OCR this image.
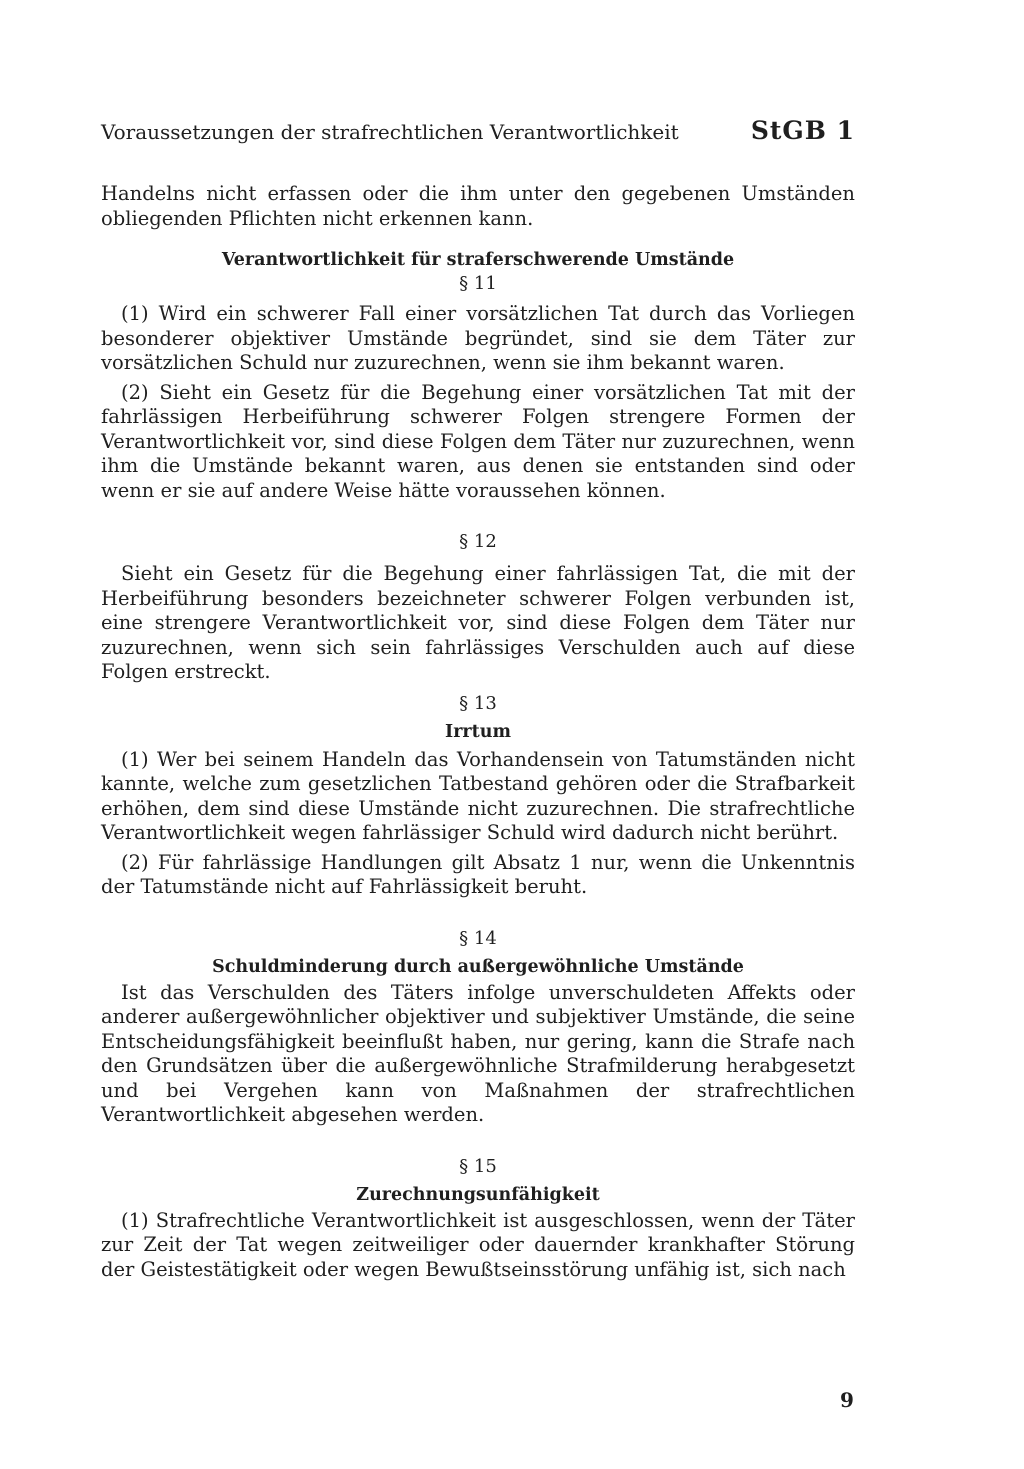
Voraussetzungen der strafrechtlichen Verantwortlichkeit	StGB 1

Handelns nicht erfassen oder die ihm unter den gegebenen Umständen obliegenden Pflichten nicht erkennen kann.

Verantwortlichkeit für straferschwerende Umstände

§ 11

(1) Wird ein schwerer Fall einer vorsätzlichen Tat durch das Vorliegen besonderer objektiver Umstände begründet, sind sie dem Täter zur vorsätzlichen Schuld nur zuzurechnen, wenn sie ihm bekannt waren.

(2) Sieht ein Gesetz für die Begehung einer vorsätzlichen Tat mit der fahrlässigen Herbeiführung schwerer Folgen strengere Formen der Verantwortlichkeit vor, sind diese Folgen dem Täter nur zuzurechnen, wenn ihm die Umstände bekannt waren, aus denen sie entstanden sind oder wenn er sie auf andere Weise hätte voraussehen können.

§ 12

Sieht ein Gesetz für die Begehung einer fahrlässigen Tat, die mit der Herbeiführung besonders bezeichneter schwerer Folgen verbunden ist, eine strengere Verantwortlichkeit vor, sind diese Folgen dem Täter nur zuzurechnen, wenn sich sein fahrlässiges Verschulden auch auf diese Folgen erstreckt.

§ 13

Irrtum

(1) Wer bei seinem Handeln das Vorhandensein von Tatumständen nicht kannte, welche zum gesetzlichen Tatbestand gehören oder die Strafbarkeit erhöhen, dem sind diese Umstände nicht zuzurechnen. Die strafrechtliche Verantwortlichkeit wegen fahrlässiger Schuld wird dadurch nicht berührt.

(2) Für fahrlässige Handlungen gilt Absatz 1 nur, wenn die Unkenntnis der Tatumstände nicht auf Fahrlässigkeit beruht.

§ 14

Schuldminderung durch außergewöhnliche Umstände

Ist das Verschulden des Täters infolge unverschuldeten Affekts oder anderer außergewöhnlicher objektiver und subjektiver Umstände, die seine Entscheidungsfähigkeit beeinflußt haben, nur gering, kann die Strafe nach den Grundsätzen über die außergewöhnliche Strafmilderung herabgesetzt und bei Vergehen kann von Maßnahmen der strafrechtlichen Verantwortlichkeit abgesehen werden.

§ 15

Zurechnungsunfähigkeit

(1) Strafrechtliche Verantwortlichkeit ist ausgeschlossen, wenn der Täter zur Zeit der Tat wegen zeitweiliger oder dauernder krankhafter Störung der Geistestätigkeit oder wegen Bewußtseinsstörung unfähig ist, sich nach

9
